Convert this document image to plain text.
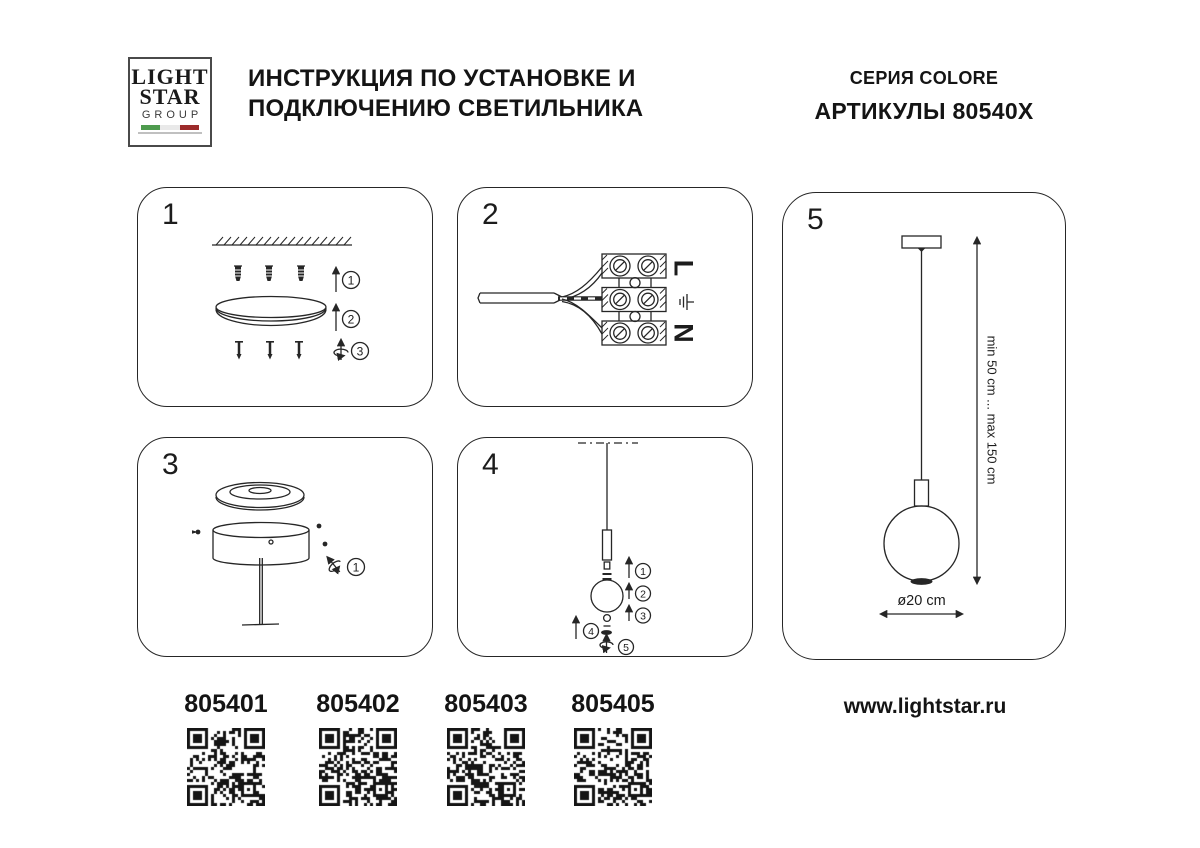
LIGHT
STAR
GROUP
ИНСТРУКЦИЯ ПО УСТАНОВКЕ И
ПОДКЛЮЧЕНИЮ СВЕТИЛЬНИКА
СЕРИЯ COLORE
АРТИКУЛЫ 80540X
1
1
2
3
2
L
N
3
1
4
1
2
3
4
5
5
min 50 cm ... max 150 cm
ø20 cm
805401	805402	805403	805405	www.lightstar.ru
